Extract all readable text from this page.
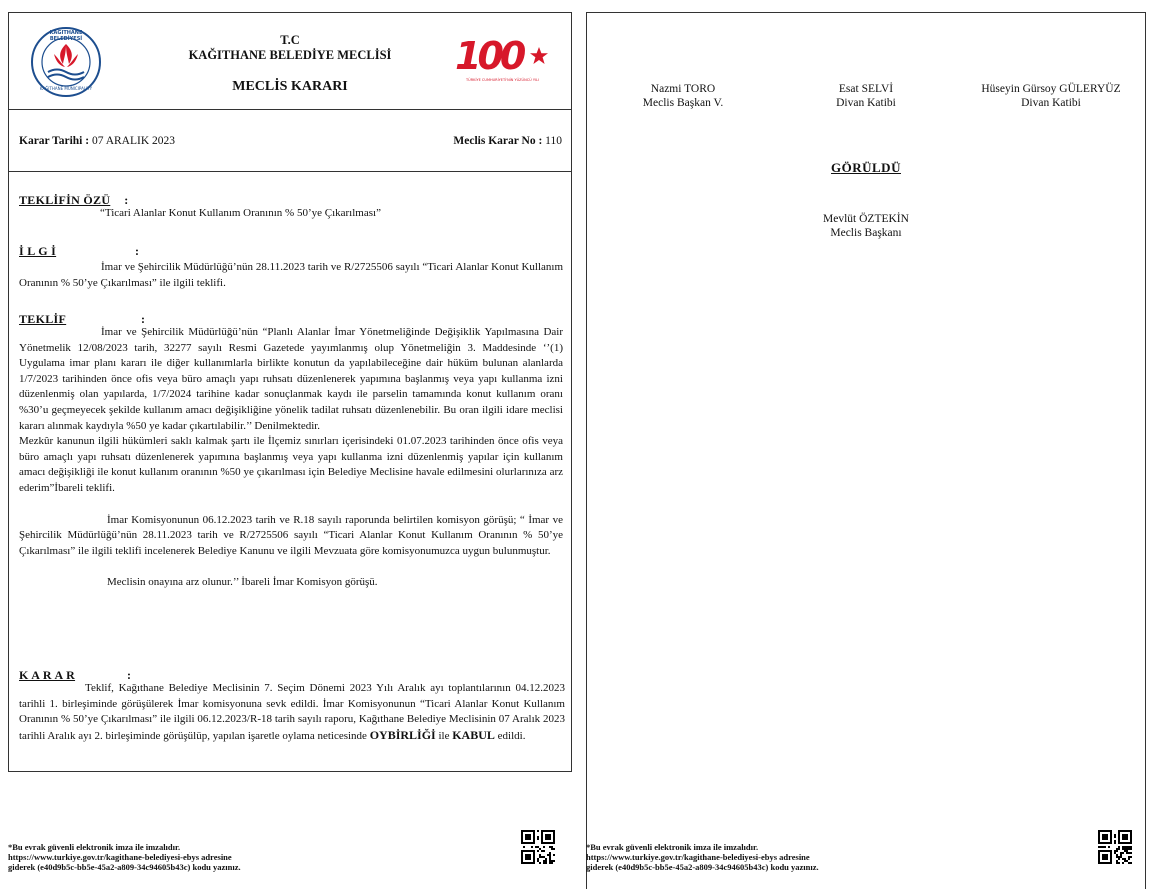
KAĞITHANE BELEDİYESİ
KAĞITHANE MUNICIPALITY
T.C
KAĞITHANE BELEDİYE MECLİSİ
MECLİS KARARI
100
TÜRKİYE CUMHURİYETİ'NİN YÜZÜNCÜ YILI
Karar Tarihi : 07 ARALIK 2023	Meclis Karar No : 110
TEKLİFİN ÖZÜ :
“Ticari Alanlar Konut Kullanım Oranının % 50’ye Çıkarılması”
İ L G İ	:
İmar ve Şehircilik Müdürlüğü’nün 28.11.2023 tarih ve R/2725506 sayılı “Ticari Alanlar Konut Kullanım Oranının % 50’ye Çıkarılması” ile ilgili teklifi.
TEKLİF	:
İmar ve Şehircilik Müdürlüğü’nün “Planlı Alanlar İmar Yönetmeliğinde Değişiklik Yapılmasına Dair Yönetmelik 12/08/2023 tarih, 32277 sayılı Resmi Gazetede yayımlanmış olup Yönetmeliğin 3. Maddesinde ‘’(1) Uygulama imar planı kararı ile diğer kullanımlarla birlikte konutun da yapılabileceğine dair hüküm bulunan alanlarda 1/7/2023 tarihinden önce ofis veya büro amaçlı yapı ruhsatı düzenlenerek yapımına başlanmış veya yapı kullanma izni düzenlenmiş olan yapılarda, 1/7/2024 tarihine kadar sonuçlanmak kaydı ile parselin tamamında konut kullanım oranı %30’u geçmeyecek şekilde kullanım amacı değişikliğine yönelik tadilat ruhsatı düzenlenebilir. Bu oran ilgili idare meclisi kararı alınmak kaydıyla %50 ye kadar çıkartılabilir.’’ Denilmektedir.
Mezkûr kanunun ilgili hükümleri saklı kalmak şartı ile İlçemiz sınırları içerisindeki 01.07.2023 tarihinden önce ofis veya büro amaçlı yapı ruhsatı düzenlenerek yapımına başlanmış veya yapı kullanma izni düzenlenmiş yapılar için kullanım amacı değişikliği ile konut kullanım oranının %50 ye çıkarılması için Belediye Meclisine havale edilmesini olurlarınıza arz ederim”İbareli teklifi.
İmar Komisyonunun 06.12.2023 tarih ve R.18 sayılı raporunda belirtilen komisyon görüşü; “ İmar ve Şehircilik Müdürlüğü’nün 28.11.2023 tarih ve R/2725506 sayılı “Ticari Alanlar Konut Kullanım Oranının % 50’ye Çıkarılması” ile ilgili teklifi incelenerek Belediye Kanunu ve ilgili Mevzuata göre komisyonumuzca uygun bulunmuştur.
Meclisin onayına arz olunur.’’ İbareli İmar Komisyon görüşü.
K A R A R	:
Teklif, Kağıthane Belediye Meclisinin 7. Seçim Dönemi 2023 Yılı Aralık ayı toplantılarının 04.12.2023 tarihli 1. birleşiminde görüşülerek İmar komisyonuna sevk edildi. İmar Komisyonunun “Ticari Alanlar Konut Kullanım Oranının % 50’ye Çıkarılması” ile ilgili 06.12.2023/R-18 tarih sayılı raporu, Kağıthane Belediye Meclisinin 07 Aralık 2023 tarihli Aralık ayı 2. birleşiminde görüşülüp, yapılan işaretle oylama neticesinde OYBİRLİĞİ ile KABUL edildi.
*Bu evrak güvenli elektronik imza ile imzalıdır.
https://www.turkiye.gov.tr/kagithane-belediyesi-ebys adresine
giderek (e40d9b5c-bb5e-45a2-a809-34c94605b43c) kodu yazınız.
Nazmi TORO
Meclis Başkan V.
Esat SELVİ
Divan Katibi
Hüseyin Gürsoy GÜLERYÜZ
Divan Katibi
GÖRÜLDÜ
Mevlüt ÖZTEKİN
Meclis Başkanı
*Bu evrak güvenli elektronik imza ile imzalıdır.
https://www.turkiye.gov.tr/kagithane-belediyesi-ebys adresine
giderek (e40d9b5c-bb5e-45a2-a809-34c94605b43c) kodu yazınız.
